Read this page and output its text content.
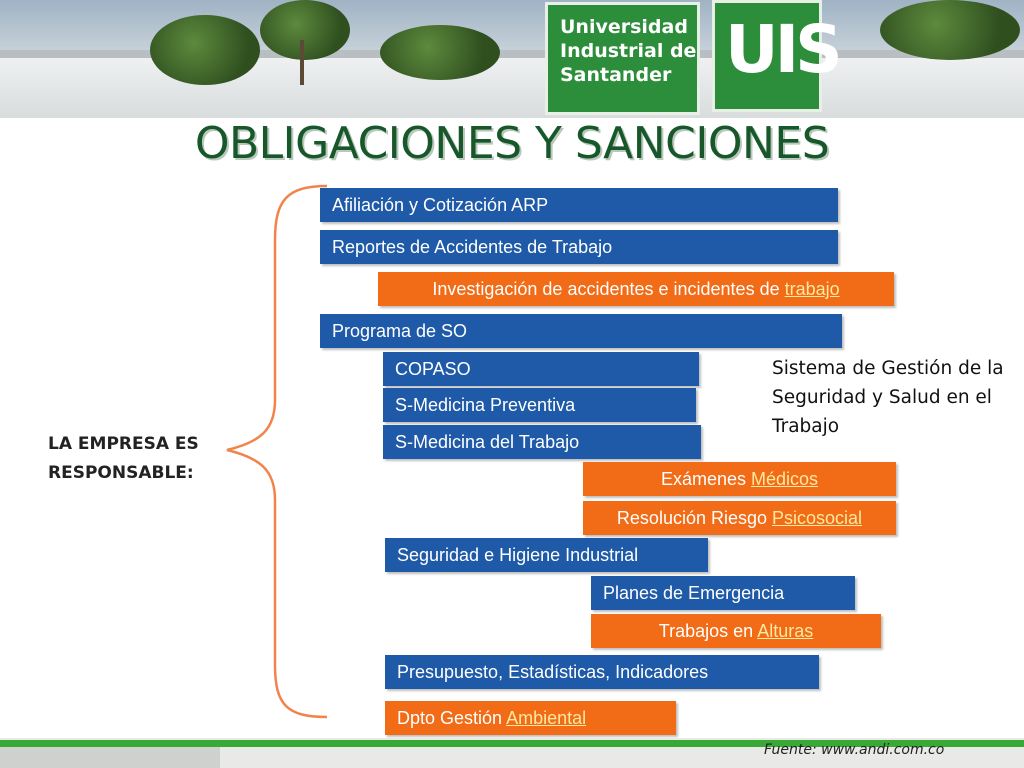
Universidad
Industrial de
Santander UIS
OBLIGACIONES Y SANCIONES
LA EMPRESA ES
RESPONSABLE:
Sistema de Gestión de la Seguridad y Salud en el Trabajo
Afiliación y Cotización ARP
Reportes de Accidentes de Trabajo
Investigación de accidentes e incidentes de trabajo
Programa de SO
COPASO
S-Medicina Preventiva
S-Medicina del Trabajo
Exámenes Médicos
Resolución Riesgo Psicosocial
Seguridad e Higiene Industrial
Planes de Emergencia
Trabajos en Alturas
Presupuesto, Estadísticas, Indicadores
Dpto Gestión Ambiental
Fuente: www.andi.com.co
